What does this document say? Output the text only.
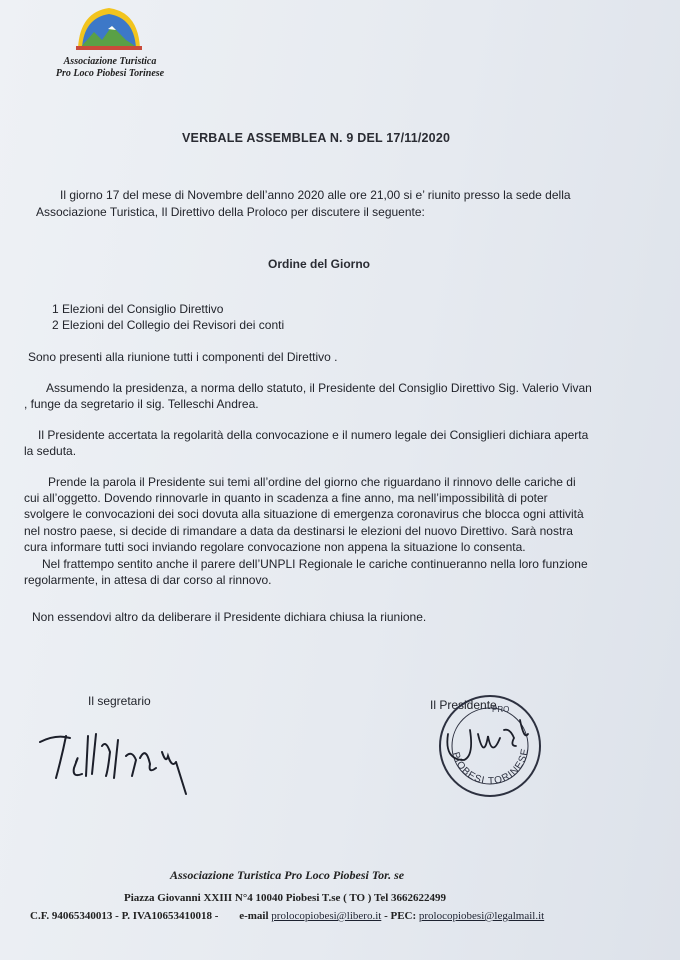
Associazione Turistica
Pro Loco Piobesi Torinese
VERBALE ASSEMBLEA N. 9 DEL 17/11/2020

Il giorno 17 del mese di Novembre dell’anno 2020 alle ore 21,00 si e’ riunito presso la sede della

Associazione Turistica, Il Direttivo della Proloco per discutere il seguente:

Ordine del Giorno

1 Elezioni del Consiglio Direttivo

2 Elezioni del Collegio dei Revisori dei conti

Sono presenti alla riunione tutti i componenti del Direttivo .

Assumendo la presidenza, a norma dello statuto, il Presidente del Consiglio Direttivo Sig. Valerio Vivan

, funge da segretario il sig. Telleschi Andrea.

Il Presidente accertata la regolarità della convocazione e il numero legale dei Consiglieri dichiara aperta

la seduta.

Prende la parola il Presidente sui temi all’ordine del giorno che riguardano il rinnovo delle cariche di

cui all’oggetto. Dovendo rinnovarle in quanto in scadenza a fine anno, ma nell’impossibilità di poter

svolgere le convocazioni dei soci dovuta alla situazione di emergenza coronavirus che blocca ogni attività

nel nostro paese, si decide di rimandare a data da destinarsi le elezioni del nuovo Direttivo. Sarà nostra

cura informare tutti soci inviando regolare convocazione non appena la situazione lo consenta.

Nel frattempo sentito anche il parere dell’UNPLI Regionale le cariche continueranno nella loro funzione

regolarmente, in attesa di dar corso al rinnovo.

Non essendovi altro da deliberare il Presidente dichiara chiusa la riunione.

Il segretario	Il Presidente
PIOBESI TORINESE
PRO
Associazione Turistica Pro Loco Piobesi Tor. se
Piazza Giovanni XXIII N°4 10040 Piobesi T.se ( TO ) Tel 3662622499
C.F. 94065340013 - P. IVA10653410018 - e-mail prolocopiobesi@libero.it - PEC: prolocopiobesi@legalmail.it
